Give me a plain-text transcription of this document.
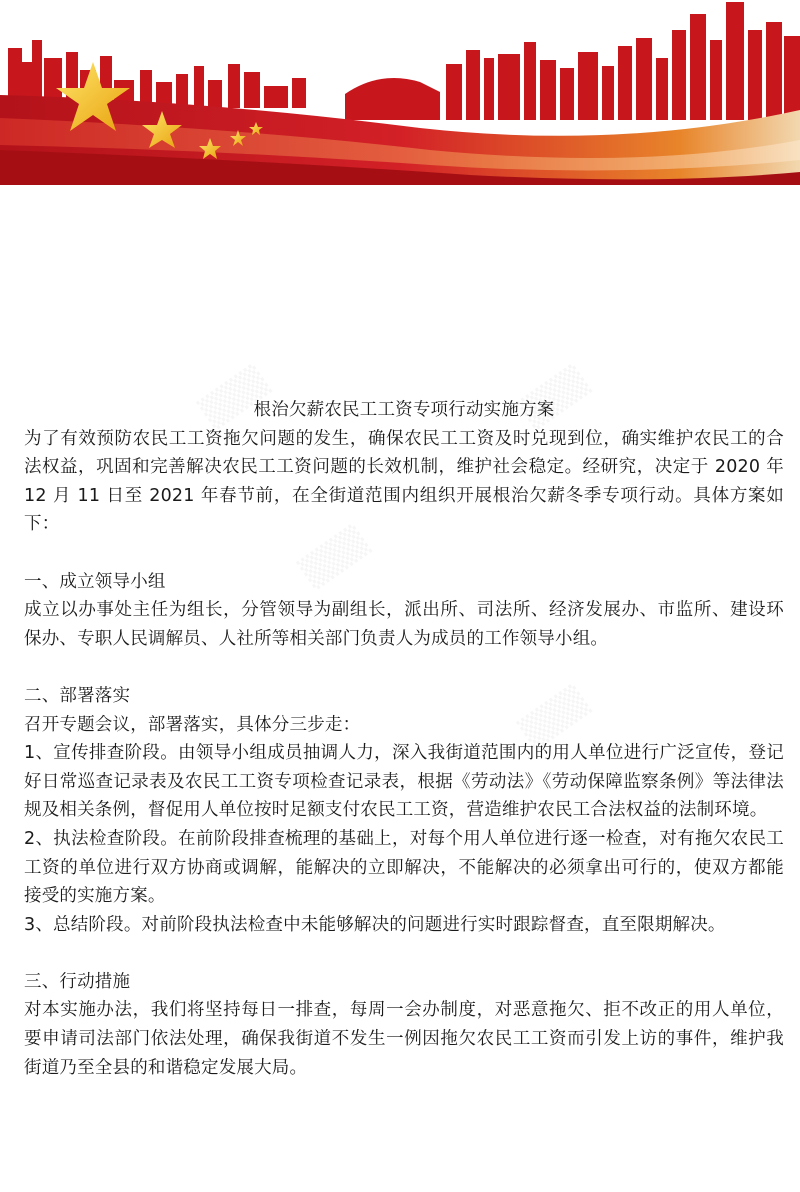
根治欠薪农民工工资专项行动实施方案

为了有效预防农民工工资拖欠问题的发生，确保农民工工资及时兑现到位，确实维护农民工的合法权益，巩固和完善解决农民工工资问题的长效机制，维护社会稳定。经研究，决定于 2020 年 12 月 11 日至 2021 年春节前，在全街道范围内组织开展根治欠薪冬季专项行动。具体方案如下：

一、成立领导小组

成立以办事处主任为组长，分管领导为副组长，派出所、司法所、经济发展办、市监所、建设环保办、专职人民调解员、人社所等相关部门负责人为成员的工作领导小组。

二、部署落实

召开专题会议，部署落实，具体分三步走：

1、宣传排查阶段。由领导小组成员抽调人力，深入我街道范围内的用人单位进行广泛宣传，登记好日常巡查记录表及农民工工资专项检查记录表，根据《劳动法》《劳动保障监察条例》等法律法规及相关条例，督促用人单位按时足额支付农民工工资，营造维护农民工合法权益的法制环境。

2、执法检查阶段。在前阶段排查梳理的基础上，对每个用人单位进行逐一检查，对有拖欠农民工工资的单位进行双方协商或调解，能解决的立即解决，不能解决的必须拿出可行的，使双方都能接受的实施方案。

3、总结阶段。对前阶段执法检查中未能够解决的问题进行实时跟踪督查，直至限期解决。

三、行动措施

对本实施办法，我们将坚持每日一排查，每周一会办制度，对恶意拖欠、拒不改正的用人单位，要申请司法部门依法处理，确保我街道不发生一例因拖欠农民工工资而引发上访的事件，维护我街道乃至全县的和谐稳定发展大局。
